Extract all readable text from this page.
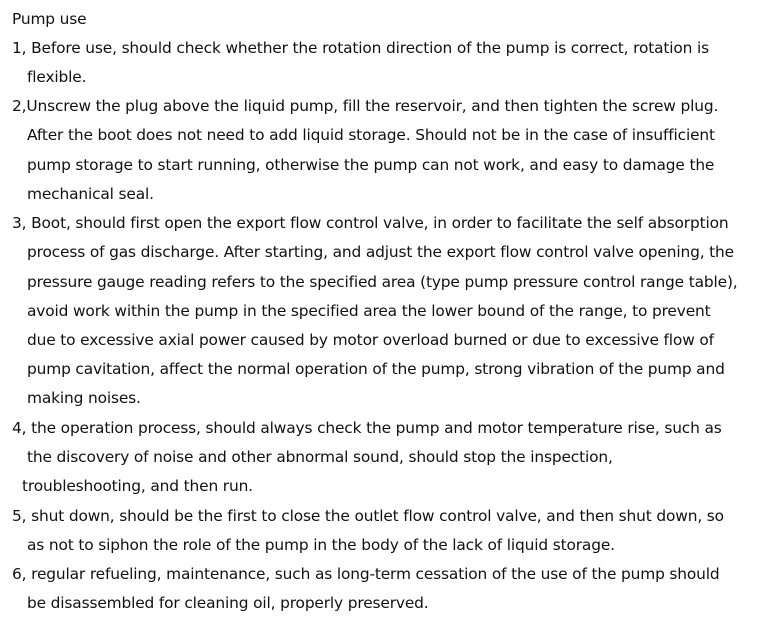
Pump use
1, Before use, should check whether the rotation direction of the pump is correct, rotation is
flexible.
2,Unscrew the plug above the liquid pump, fill the reservoir, and then tighten the screw plug.
After the boot does not need to add liquid storage. Should not be in the case of insufficient
pump storage to start running, otherwise the pump can not work, and easy to damage the
mechanical seal.
3, Boot, should first open the export flow control valve, in order to facilitate the self absorption
process of gas discharge. After starting, and adjust the export flow control valve opening, the
pressure gauge reading refers to the specified area (type pump pressure control range table),
avoid work within the pump in the specified area the lower bound of the range, to prevent
due to excessive axial power caused by motor overload burned or due to excessive flow of
pump cavitation, affect the normal operation of the pump, strong vibration of the pump and
making noises.
4, the operation process, should always check the pump and motor temperature rise, such as
the discovery of noise and other abnormal sound, should stop the inspection,
troubleshooting, and then run.
5, shut down, should be the first to close the outlet flow control valve, and then shut down, so
as not to siphon the role of the pump in the body of the lack of liquid storage.
6, regular refueling, maintenance, such as long-term cessation of the use of the pump should
be disassembled for cleaning oil, properly preserved.
